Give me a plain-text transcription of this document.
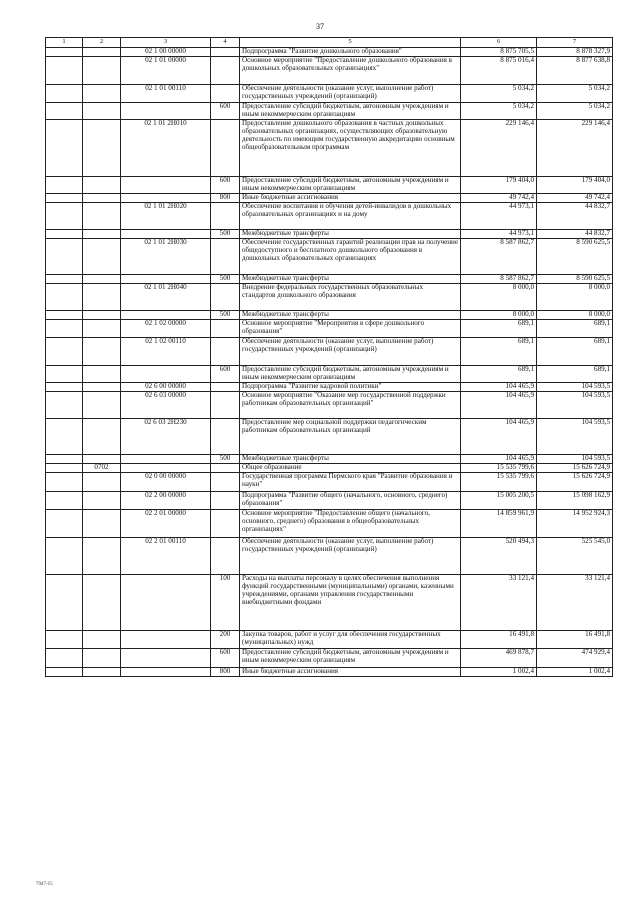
37
1	2	3	4	5	6	7
		02 1 00 00000		Подпрограмма "Развитие дошкольного образования"	8 875 705,5	8 878 327,9
		02 1 01 00000		Основное мероприятие "Предоставление дошкольного образования в дошкольных образовательных организациях"	8 875 016,4	8 877 638,8
		02 1 01 00110		Обеспечение деятельности (оказание услуг, выполнение работ) государственных учреждений (организаций)	5 034,2	5 034,2
			600	Предоставление субсидий бюджетным, автономным учреждениям и иным некоммерческим организациям	5 034,2	5 034,2
		02 1 01 2Н010		Предоставление дошкольного образования в частных дошкольных образовательных организациях, осуществляющих образовательную деятельность по имеющим государственную аккредитацию основным общеобразовательным программам	229 146,4	229 146,4
			600	Предоставление субсидий бюджетным, автономным учреждениям и иным некоммерческим организациям	179 404,0	179 404,0
			800	Иные бюджетные ассигнования	49 742,4	49 742,4
		02 1 01 2Н020		Обеспечение воспитания и обучения детей-инвалидов в дошкольных образовательных организациях и на дому	44 973,1	44 832,7
			500	Межбюджетные трансферты	44 973,1	44 832,7
		02 1 01 2Н030		Обеспечение государственных гарантий реализации прав на получение общедоступного и бесплатного дошкольного образования в дошкольных образовательных организациях	8 587 862,7	8 590 625,5
			500	Межбюджетные трансферты	8 587 862,7	8 590 625,5
		02 1 01 2Н040		Внедрение федеральных государственных образовательных стандартов дошкольного образования	8 000,0	8 000,0
			500	Межбюджетные трансферты	8 000,0	8 000,0
		02 1 02 00000		Основное мероприятие "Мероприятия в сфере дошкольного образования"	689,1	689,1
		02 1 02 00110		Обеспечение деятельности (оказание услуг, выполнение работ) государственных учреждений (организаций)	689,1	689,1
			600	Предоставление субсидий бюджетным, автономным учреждениям и иным некоммерческим организациям	689,1	689,1
		02 6 00 00000		Подпрограмма "Развитие кадровой политики"	104 465,9	104 593,5
		02 6 03 00000		Основное мероприятие "Оказание мер государственной поддержки работникам образовательных организаций"	104 465,9	104 593,5
		02 6 03 2Н230		Предоставление мер социальной поддержки педагогическим работникам образовательных организаций	104 465,9	104 593,5
			500	Межбюджетные трансферты	104 465,9	104 593,5
	0702			Общее образование	15 535 799,6	15 626 724,9
		02 0 00 00000		Государственная программа Пермского края "Развитие образования и науки"	15 535 799,6	15 626 724,9
		02 2 00 00000		Подпрограмма "Развитие общего (начального, основного, среднего) образования"	15 005 200,5	15 098 162,9
		02 2 01 00000		Основное мероприятие "Предоставление общего (начального, основного, среднего) образования в общеобразовательных организациях"	14 859 961,9	14 952 924,3
		02 2 01 00110		Обеспечение деятельности (оказание услуг, выполнение работ) государственных учреждений (организаций)	520 494,3	525 545,0
			100	Расходы на выплаты персоналу в целях обеспечения выполнения функций государственными (муниципальными) органами, казенными учреждениями, органами управления государственными внебюджетными фондами	33 121,4	33 121,4
			200	Закупка товаров, работ и услуг для обеспечения государственных (муниципальных) нужд	16 491,8	16 491,8
			600	Предоставление субсидий бюджетным, автономным учреждениям и иным некоммерческим организациям	469 878,7	474 929,4
			800	Иные бюджетные ассигнования	1 002,4	1 002,4
7947-15
